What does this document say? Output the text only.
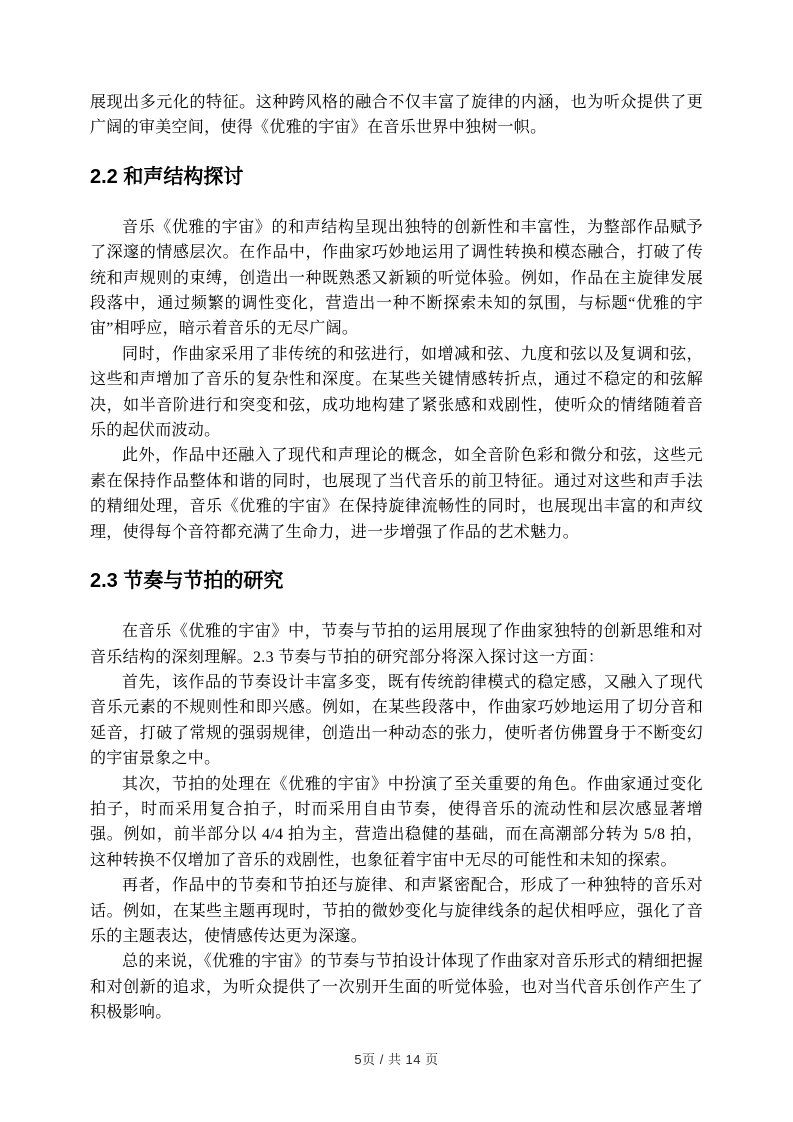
展现出多元化的特征。这种跨风格的融合不仅丰富了旋律的内涵，也为听众提供了更广阔的审美空间，使得《优雅的宇宙》在音乐世界中独树一帜。

2.2 和声结构探讨

音乐《优雅的宇宙》的和声结构呈现出独特的创新性和丰富性，为整部作品赋予了深邃的情感层次。在作品中，作曲家巧妙地运用了调性转换和模态融合，打破了传统和声规则的束缚，创造出一种既熟悉又新颖的听觉体验。例如，作品在主旋律发展段落中，通过频繁的调性变化，营造出一种不断探索未知的氛围，与标题“优雅的宇宙”相呼应，暗示着音乐的无尽广阔。

同时，作曲家采用了非传统的和弦进行，如增减和弦、九度和弦以及复调和弦，这些和声增加了音乐的复杂性和深度。在某些关键情感转折点，通过不稳定的和弦解决，如半音阶进行和突变和弦，成功地构建了紧张感和戏剧性，使听众的情绪随着音乐的起伏而波动。

此外，作品中还融入了现代和声理论的概念，如全音阶色彩和微分和弦，这些元素在保持作品整体和谐的同时，也展现了当代音乐的前卫特征。通过对这些和声手法的精细处理，音乐《优雅的宇宙》在保持旋律流畅性的同时，也展现出丰富的和声纹理，使得每个音符都充满了生命力，进一步增强了作品的艺术魅力。

2.3 节奏与节拍的研究

在音乐《优雅的宇宙》中，节奏与节拍的运用展现了作曲家独特的创新思维和对音乐结构的深刻理解。2.3 节奏与节拍的研究部分将深入探讨这一方面：

首先，该作品的节奏设计丰富多变，既有传统韵律模式的稳定感，又融入了现代音乐元素的不规则性和即兴感。例如，在某些段落中，作曲家巧妙地运用了切分音和延音，打破了常规的强弱规律，创造出一种动态的张力，使听者仿佛置身于不断变幻的宇宙景象之中。

其次，节拍的处理在《优雅的宇宙》中扮演了至关重要的角色。作曲家通过变化拍子，时而采用复合拍子，时而采用自由节奏，使得音乐的流动性和层次感显著增强。例如，前半部分以 4/4 拍为主，营造出稳健的基础，而在高潮部分转为 5/8 拍，这种转换不仅增加了音乐的戏剧性，也象征着宇宙中无尽的可能性和未知的探索。

再者，作品中的节奏和节拍还与旋律、和声紧密配合，形成了一种独特的音乐对话。例如，在某些主题再现时，节拍的微妙变化与旋律线条的起伏相呼应，强化了音乐的主题表达，使情感传达更为深邃。

总的来说，《优雅的宇宙》的节奏与节拍设计体现了作曲家对音乐形式的精细把握和对创新的追求，为听众提供了一次别开生面的听觉体验，也对当代音乐创作产生了积极影响。

5页 / 共 14 页
